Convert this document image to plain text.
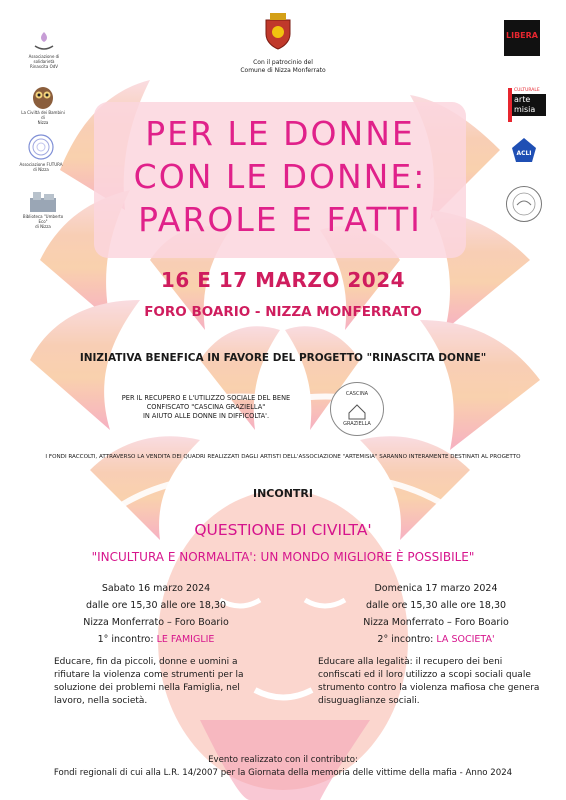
Con il patrocinio del
Comune di Nizza Monferrato
Associazione di solidarietà
Rinascita OdV
La Civiltà dei Bambini di
Nizza
Associazione FUTURA
di Nizza
Biblioteca "Umberto Eco"
di Nizza
LIBERA
CULTURALE
arte
misia
ACLI
PER LE DONNE
CON LE DONNE:
PAROLE E FATTI
16 E 17 MARZO 2024
FORO BOARIO - NIZZA MONFERRATO
INIZIATIVA BENEFICA IN FAVORE DEL PROGETTO "RINASCITA DONNE"
PER IL RECUPERO E L'UTILIZZO SOCIALE DEL BENE
CONFISCATO "CASCINA GRAZIELLA"
IN AIUTO ALLE DONNE IN DIFFICOLTA'.
CASCINA
GRAZIELLA
I FONDI RACCOLTI, ATTRAVERSO LA VENDITA DEI QUADRI REALIZZATI DAGLI ARTISTI DELL'ASSOCIAZIONE "ARTEMISIA" SARANNO INTERAMENTE DESTINATI AL PROGETTO
INCONTRI
QUESTIONE DI CIVILTA'
"INCULTURA E NORMALITA': UN MONDO MIGLIORE È POSSIBILE"
Sabato 16 marzo 2024
dalle ore 15,30 alle ore 18,30
Nizza Monferrato – Foro Boario
1° incontro: LE FAMIGLIE
Educare, fin da piccoli, donne e uomini a rifiutare la violenza come strumenti per la soluzione dei problemi nella Famiglia, nel lavoro, nella società.
Domenica 17 marzo 2024
dalle ore 15,30 alle ore 18,30
Nizza Monferrato – Foro Boario
2° incontro: LA SOCIETA'
Educare alla legalità: il recupero dei beni confiscati ed il loro utilizzo a scopi sociali quale strumento contro la violenza mafiosa che genera disuguaglianze sociali.
Evento realizzato con il contributo:
Fondi regionali di cui alla L.R. 14/2007 per la Giornata della memoria delle vittime della mafia - Anno 2024
